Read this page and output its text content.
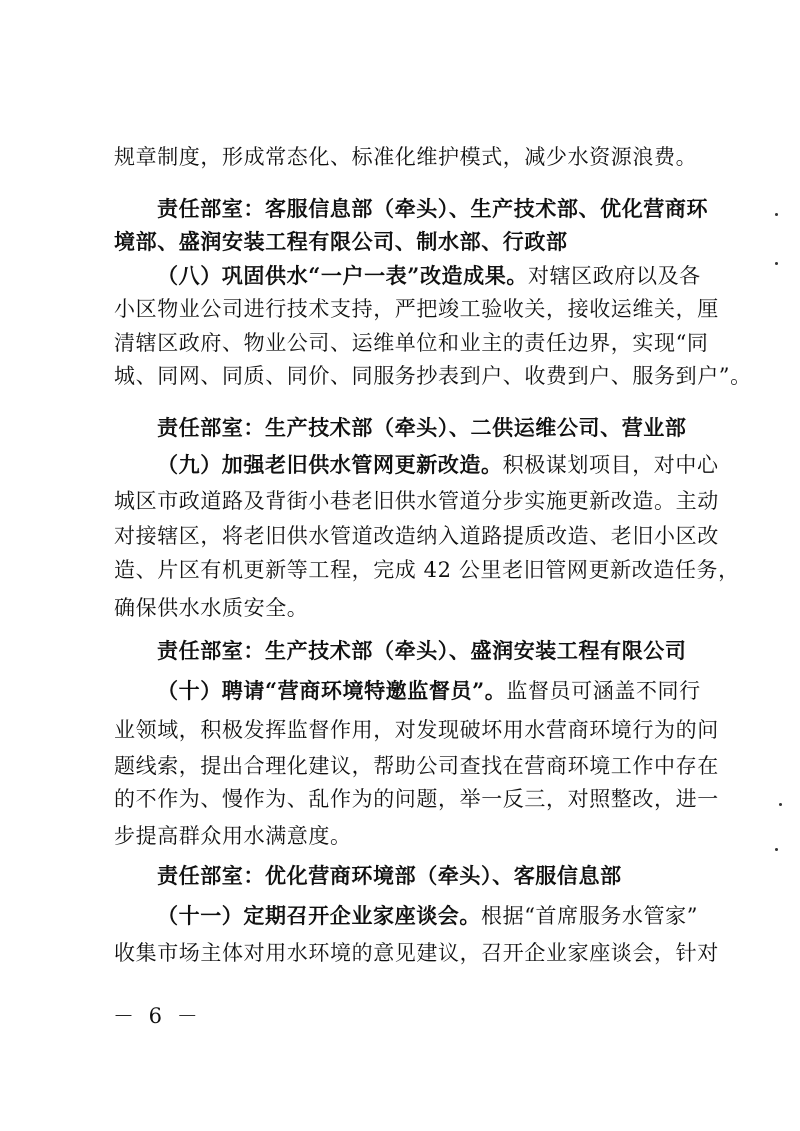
规章制度，形成常态化、标准化维护模式，减少水资源浪费。
责任部室：客服信息部（牵头）、生产技术部、优化营商环
境部、盛润安装工程有限公司、制水部、行政部
（八）巩固供水“一户一表”改造成果。对辖区政府以及各
小区物业公司进行技术支持，严把竣工验收关，接收运维关，厘
清辖区政府、物业公司、运维单位和业主的责任边界，实现“同
城、同网、同质、同价、同服务抄表到户、收费到户、服务到户”。
责任部室：生产技术部（牵头）、二供运维公司、营业部
（九）加强老旧供水管网更新改造。积极谋划项目，对中心
城区市政道路及背街小巷老旧供水管道分步实施更新改造。主动
对接辖区，将老旧供水管道改造纳入道路提质改造、老旧小区改
造、片区有机更新等工程，完成 42 公里老旧管网更新改造任务，
确保供水水质安全。
责任部室：生产技术部（牵头）、盛润安装工程有限公司
（十）聘请“营商环境特邀监督员”。监督员可涵盖不同行
业领域，积极发挥监督作用，对发现破坏用水营商环境行为的问
题线索，提出合理化建议，帮助公司查找在营商环境工作中存在
的不作为、慢作为、乱作为的问题，举一反三，对照整改，进一
步提高群众用水满意度。
责任部室：优化营商环境部（牵头）、客服信息部
（十一）定期召开企业家座谈会。根据“首席服务水管家”
收集市场主体对用水环境的意见建议，召开企业家座谈会，针对
－ 6 －
